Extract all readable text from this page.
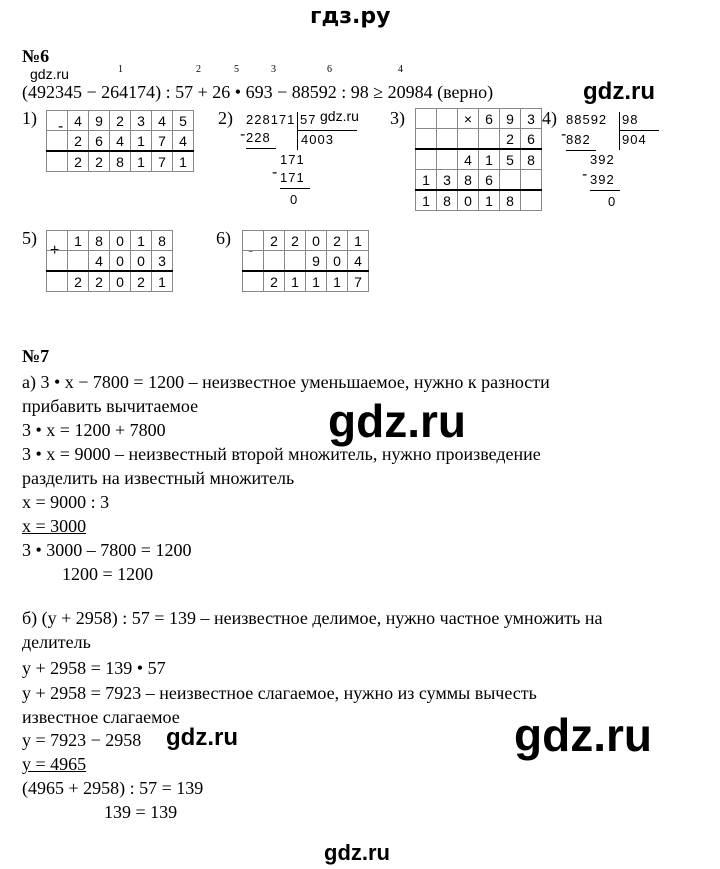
гдз.ру
№6
gdz.ru	1	2	5	3	6	4
(492345 − 264174) : 57 + 26 • 693 − 88592 : 98 ≥ 20984 (верно)	gdz.ru
1) -
	4	9	2	3	4	5
	2	6	4	1	7	4
	2	2	8	1	7	1
2) 228171 57 gdz.ru
4003
- 228
171
- 171
0
3)
			×	6	9	3
				2	6
		4	1	5	8
1	3	8	6		
1	8	0	1	8	
4) 88592 98
904
- 882
392
- 392
0
5)
+
	1	8	0	1	8
		4	0	0	3
	2	2	0	2	1
6)
-
	2	2	0	2	1
			9	0	4
	2	1	1	1	7
№7
а) 3 • x − 7800 = 1200 – неизвестное уменьшаемое, нужно к разности
прибавить вычитаемое	gdz.ru
3 • x = 1200 + 7800
3 • x = 9000 – неизвестный второй множитель, нужно произведение
разделить на известный множитель
x = 9000 : 3
x = 3000
3 • 3000 – 7800 = 1200
1200 = 1200
б) (y + 2958) : 57 = 139 – неизвестное делимое, нужно частное умножить на
делитель
y + 2958 = 139 • 57
y + 2958 = 7923 – неизвестное слагаемое, нужно из суммы вычесть
известное слагаемое	gdz.ru
y = 7923 − 2958 gdz.ru
y = 4965
(4965 + 2958) : 57 = 139
139 = 139
gdz.ru
